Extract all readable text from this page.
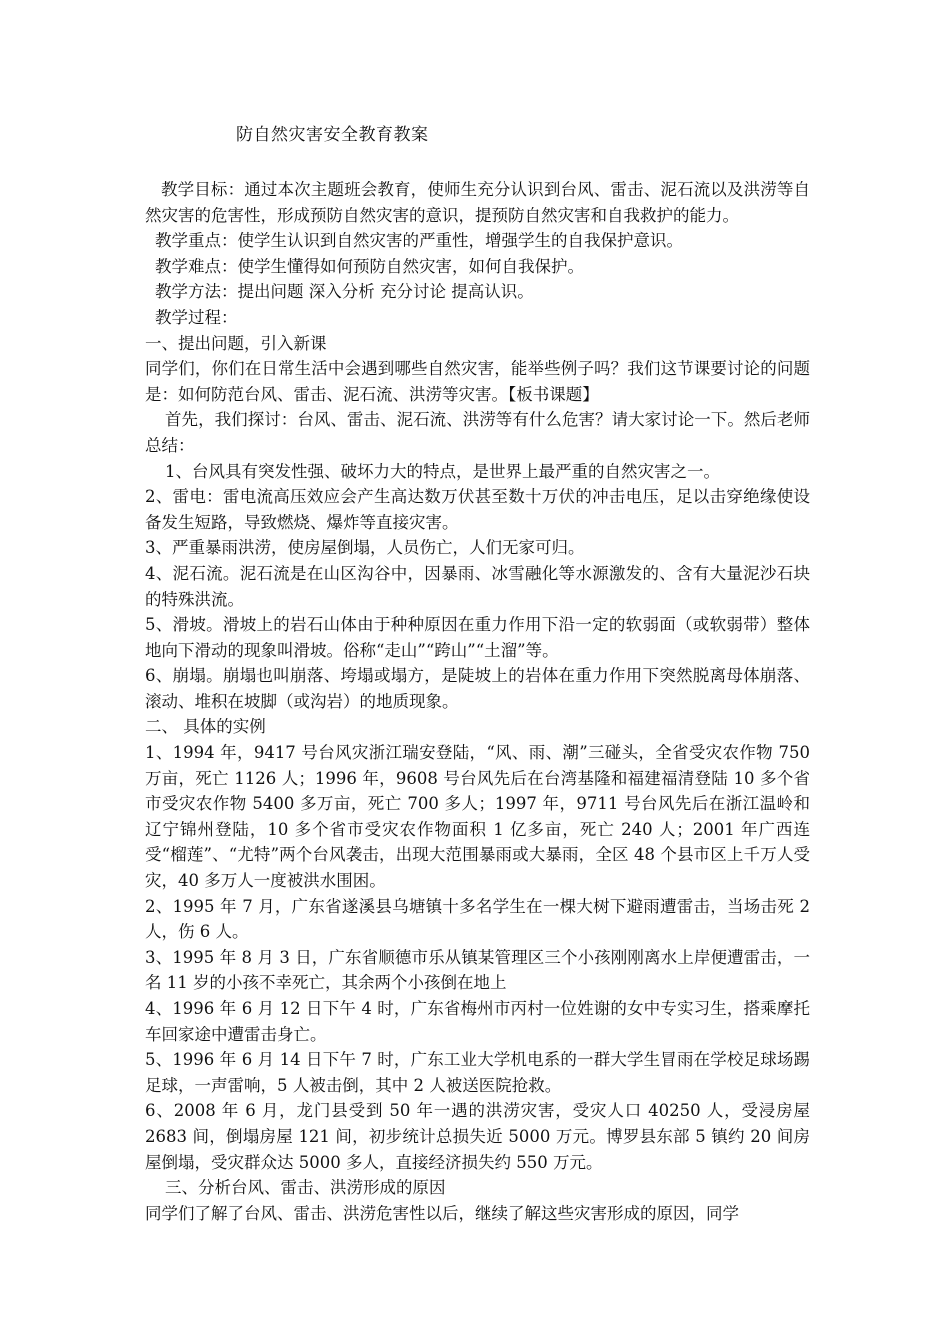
防自然灾害安全教育教案

教学目标：通过本次主题班会教育，使师生充分认识到台风、雷击、泥石流以及洪涝等自然灾害的危害性，形成预防自然灾害的意识，提预防自然灾害和自我救护的能力。

教学重点：使学生认识到自然灾害的严重性，增强学生的自我保护意识。

教学难点：使学生懂得如何预防自然灾害，如何自我保护。

教学方法：提出问题 深入分析 充分讨论 提高认识。

教学过程：

一、提出问题，引入新课

同学们，你们在日常生活中会遇到哪些自然灾害，能举些例子吗？我们这节课要讨论的问题是：如何防范台风、雷击、泥石流、洪涝等灾害。【板书课题】

首先，我们探讨：台风、雷击、泥石流、洪涝等有什么危害？请大家讨论一下。然后老师总结：

1、台风具有突发性强、破坏力大的特点，是世界上最严重的自然灾害之一。

2、雷电：雷电流高压效应会产生高达数万伏甚至数十万伏的冲击电压，足以击穿绝缘使设备发生短路，导致燃烧、爆炸等直接灾害。

3、严重暴雨洪涝，使房屋倒塌，人员伤亡，人们无家可归。

4、泥石流。泥石流是在山区沟谷中，因暴雨、冰雪融化等水源激发的、含有大量泥沙石块的特殊洪流。

5、滑坡。滑坡上的岩石山体由于种种原因在重力作用下沿一定的软弱面（或软弱带）整体地向下滑动的现象叫滑坡。俗称“走山”“跨山”“土溜”等。

6、崩塌。崩塌也叫崩落、垮塌或塌方，是陡坡上的岩体在重力作用下突然脱离母体崩落、滚动、堆积在坡脚（或沟岩）的地质现象。

二、 具体的实例

1、1994 年，9417 号台风灾浙江瑞安登陆，“风、雨、潮”三碰头，全省受灾农作物 750 万亩，死亡 1126 人；1996 年，9608 号台风先后在台湾基隆和福建福清登陆 10 多个省市受灾农作物 5400 多万亩，死亡 700 多人；1997 年，9711 号台风先后在浙江温岭和辽宁锦州登陆，10 多个省市受灾农作物面积 1 亿多亩，死亡 240 人；2001 年广西连受“榴莲”、“尤特”两个台风袭击，出现大范围暴雨或大暴雨，全区 48 个县市区上千万人受灾，40 多万人一度被洪水围困。

2、1995 年 7 月，广东省遂溪县乌塘镇十多名学生在一棵大树下避雨遭雷击，当场击死 2 人，伤 6 人。

3、1995 年 8 月 3 日，广东省顺德市乐从镇某管理区三个小孩刚刚离水上岸便遭雷击，一名 11 岁的小孩不幸死亡，其余两个小孩倒在地上

4、1996 年 6 月 12 日下午 4 时，广东省梅州市丙村一位姓谢的女中专实习生，搭乘摩托车回家途中遭雷击身亡。

5、1996 年 6 月 14 日下午 7 时，广东工业大学机电系的一群大学生冒雨在学校足球场踢足球，一声雷响，5 人被击倒，其中 2 人被送医院抢救。

6、2008 年 6 月，龙门县受到 50 年一遇的洪涝灾害，受灾人口 40250 人，受浸房屋 2683 间，倒塌房屋 121 间，初步统计总损失近 5000 万元。博罗县东部 5 镇约 20 间房屋倒塌，受灾群众达 5000 多人，直接经济损失约 550 万元。

三、分析台风、雷击、洪涝形成的原因

同学们了解了台风、雷击、洪涝危害性以后，继续了解这些灾害形成的原因，同学
